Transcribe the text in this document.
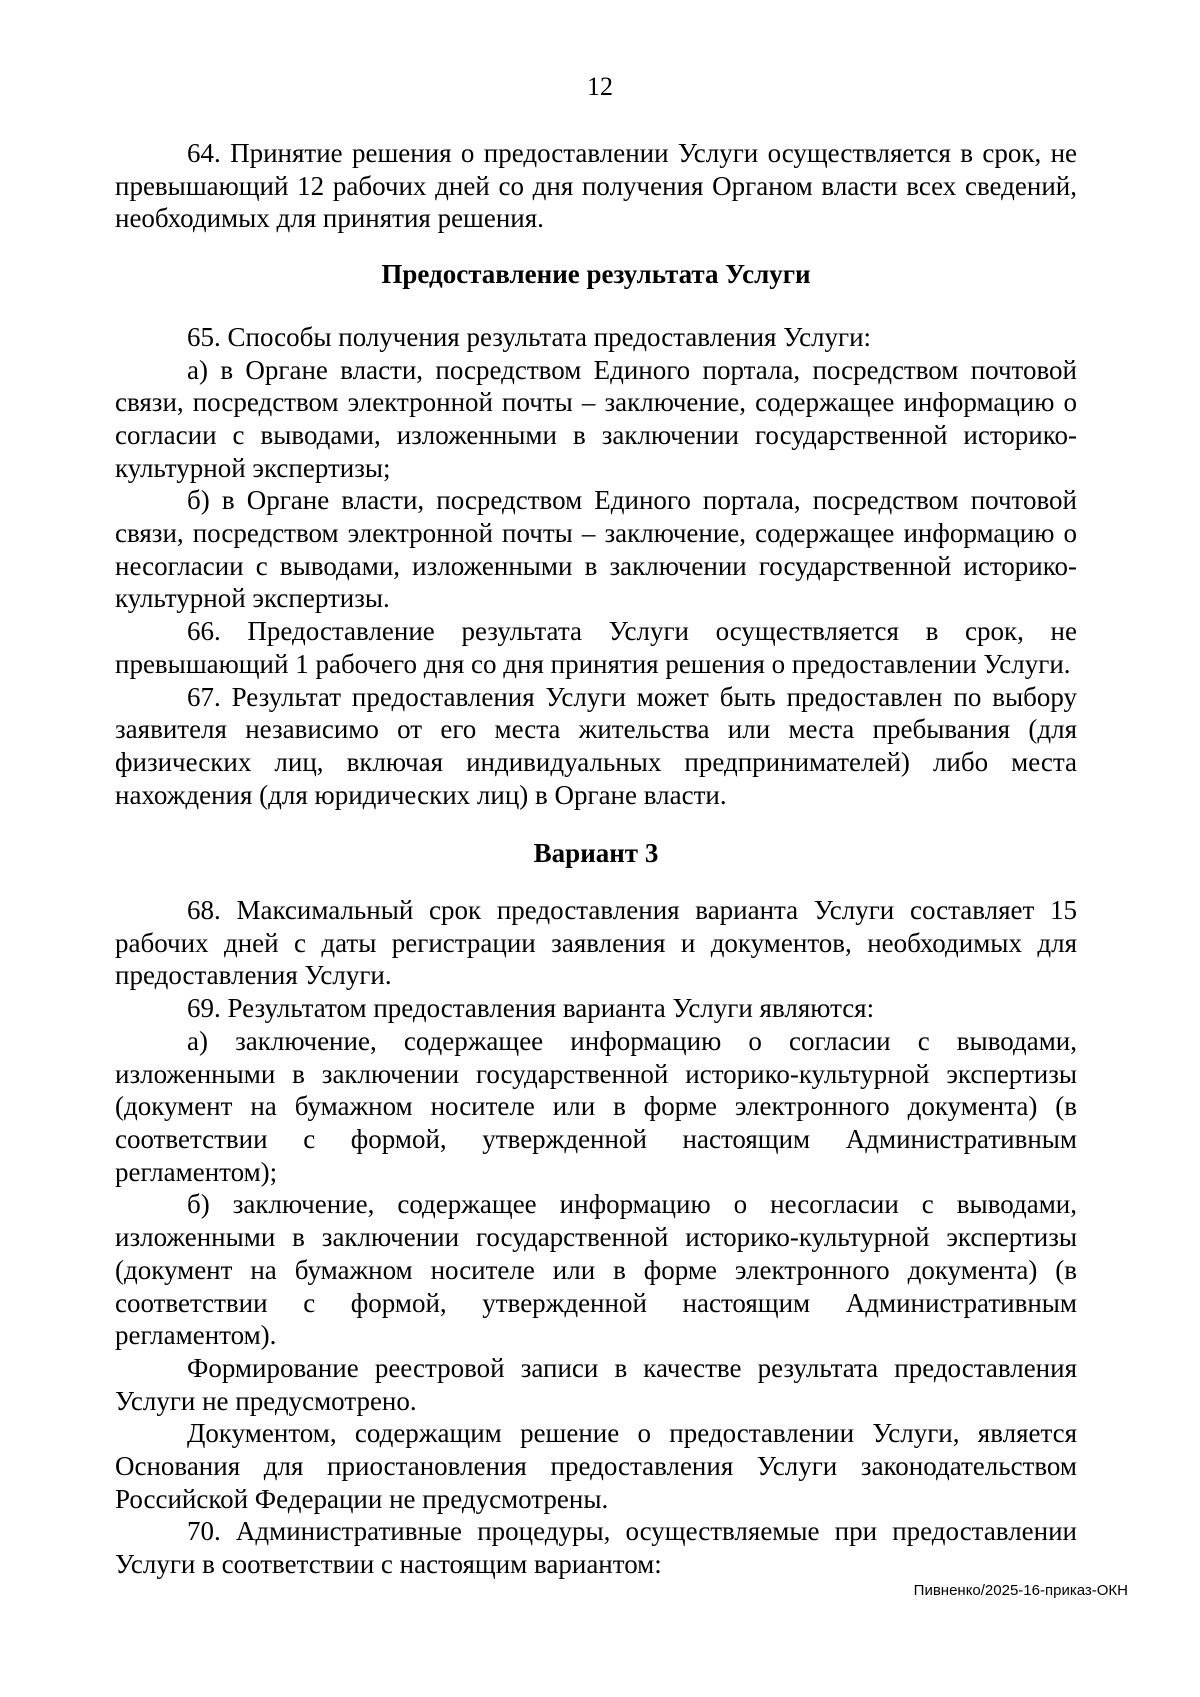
12

64. Принятие решения о предоставлении Услуги осуществляется в срок, не превышающий 12 рабочих дней со дня получения Органом власти всех сведений, необходимых для принятия решения.

Предоставление результата Услуги

65. Способы получения результата предоставления Услуги:

а) в Органе власти, посредством Единого портала, посредством почтовой связи, посредством электронной почты – заключение, содержащее информацию о согласии с выводами, изложенными в заключении государственной историко-культурной экспертизы;

б) в Органе власти, посредством Единого портала, посредством почтовой связи, посредством электронной почты – заключение, содержащее информацию о несогласии с выводами, изложенными в заключении государственной историко-культурной экспертизы.

66. Предоставление результата Услуги осуществляется в срок, не превышающий 1 рабочего дня со дня принятия решения о предоставлении Услуги.

67. Результат предоставления Услуги может быть предоставлен по выбору заявителя независимо от его места жительства или места пребывания (для физических лиц, включая индивидуальных предпринимателей) либо места нахождения (для юридических лиц) в Органе власти.

Вариант 3

68. Максимальный срок предоставления варианта Услуги составляет 15 рабочих дней с даты регистрации заявления и документов, необходимых для предоставления Услуги.

69. Результатом предоставления варианта Услуги являются:

а) заключение, содержащее информацию о согласии с выводами, изложенными в заключении государственной историко-культурной экспертизы (документ на бумажном носителе или в форме электронного документа) (в соответствии с формой, утвержденной настоящим Административным регламентом);

б) заключение, содержащее информацию о несогласии с выводами, изложенными в заключении государственной историко-культурной экспертизы (документ на бумажном носителе или в форме электронного документа) (в соответствии с формой, утвержденной настоящим Административным регламентом).

Формирование реестровой записи в качестве результата предоставления Услуги не предусмотрено.

Документом, содержащим решение о предоставлении Услуги, является Основания для приостановления предоставления Услуги законодательством Российской Федерации не предусмотрены.

70. Административные процедуры, осуществляемые при предоставлении Услуги в соответствии с настоящим вариантом:

Пивненко/2025-16-приказ-ОКН
